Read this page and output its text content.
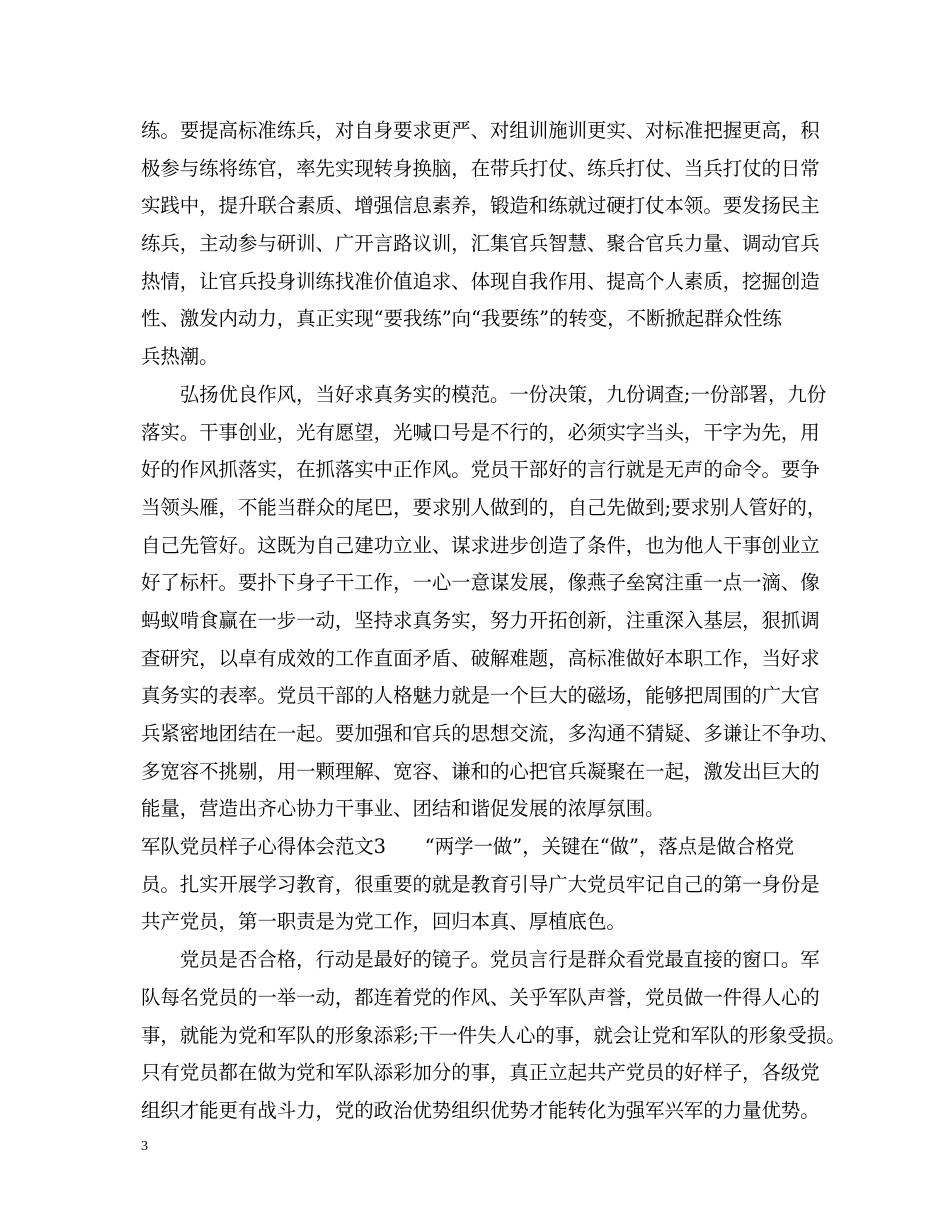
练。要提高标准练兵，对自身要求更严、对组训施训更实、对标准把握更高，积
极参与练将练官，率先实现转身换脑，在带兵打仗、练兵打仗、当兵打仗的日常
实践中，提升联合素质、增强信息素养，锻造和练就过硬打仗本领。要发扬民主
练兵，主动参与研训、广开言路议训，汇集官兵智慧、聚合官兵力量、调动官兵
热情，让官兵投身训练找准价值追求、体现自我作用、提高个人素质，挖掘创造
性、激发内动力，真正实现“要我练”向“我要练”的转变，不断掀起群众性练
兵热潮。
　　弘扬优良作风，当好求真务实的模范。一份决策，九份调查;一份部署，九份
落实。干事创业，光有愿望，光喊口号是不行的，必须实字当头，干字为先，用
好的作风抓落实，在抓落实中正作风。党员干部好的言行就是无声的命令。要争
当领头雁，不能当群众的尾巴，要求别人做到的，自己先做到;要求别人管好的，
自己先管好。这既为自己建功立业、谋求进步创造了条件，也为他人干事创业立
好了标杆。要扑下身子干工作，一心一意谋发展，像燕子垒窝注重一点一滴、像
蚂蚁啃食赢在一步一动，坚持求真务实，努力开拓创新，注重深入基层，狠抓调
查研究，以卓有成效的工作直面矛盾、破解难题，高标准做好本职工作，当好求
真务实的表率。党员干部的人格魅力就是一个巨大的磁场，能够把周围的广大官
兵紧密地团结在一起。要加强和官兵的思想交流，多沟通不猜疑、多谦让不争功、
多宽容不挑剔，用一颗理解、宽容、谦和的心把官兵凝聚在一起，激发出巨大的
能量，营造出齐心协力干事业、团结和谐促发展的浓厚氛围。
军队党员样子心得体会范文3　　“两学一做”，关键在“做”，落点是做合格党
员。扎实开展学习教育，很重要的就是教育引导广大党员牢记自己的第一身份是
共产党员，第一职责是为党工作，回归本真、厚植底色。
　　党员是否合格，行动是最好的镜子。党员言行是群众看党最直接的窗口。军
队每名党员的一举一动，都连着党的作风、关乎军队声誉，党员做一件得人心的
事，就能为党和军队的形象添彩;干一件失人心的事，就会让党和军队的形象受损。
只有党员都在做为党和军队添彩加分的事，真正立起共产党员的好样子，各级党
组织才能更有战斗力，党的政治优势组织优势才能转化为强军兴军的力量优势。
3
